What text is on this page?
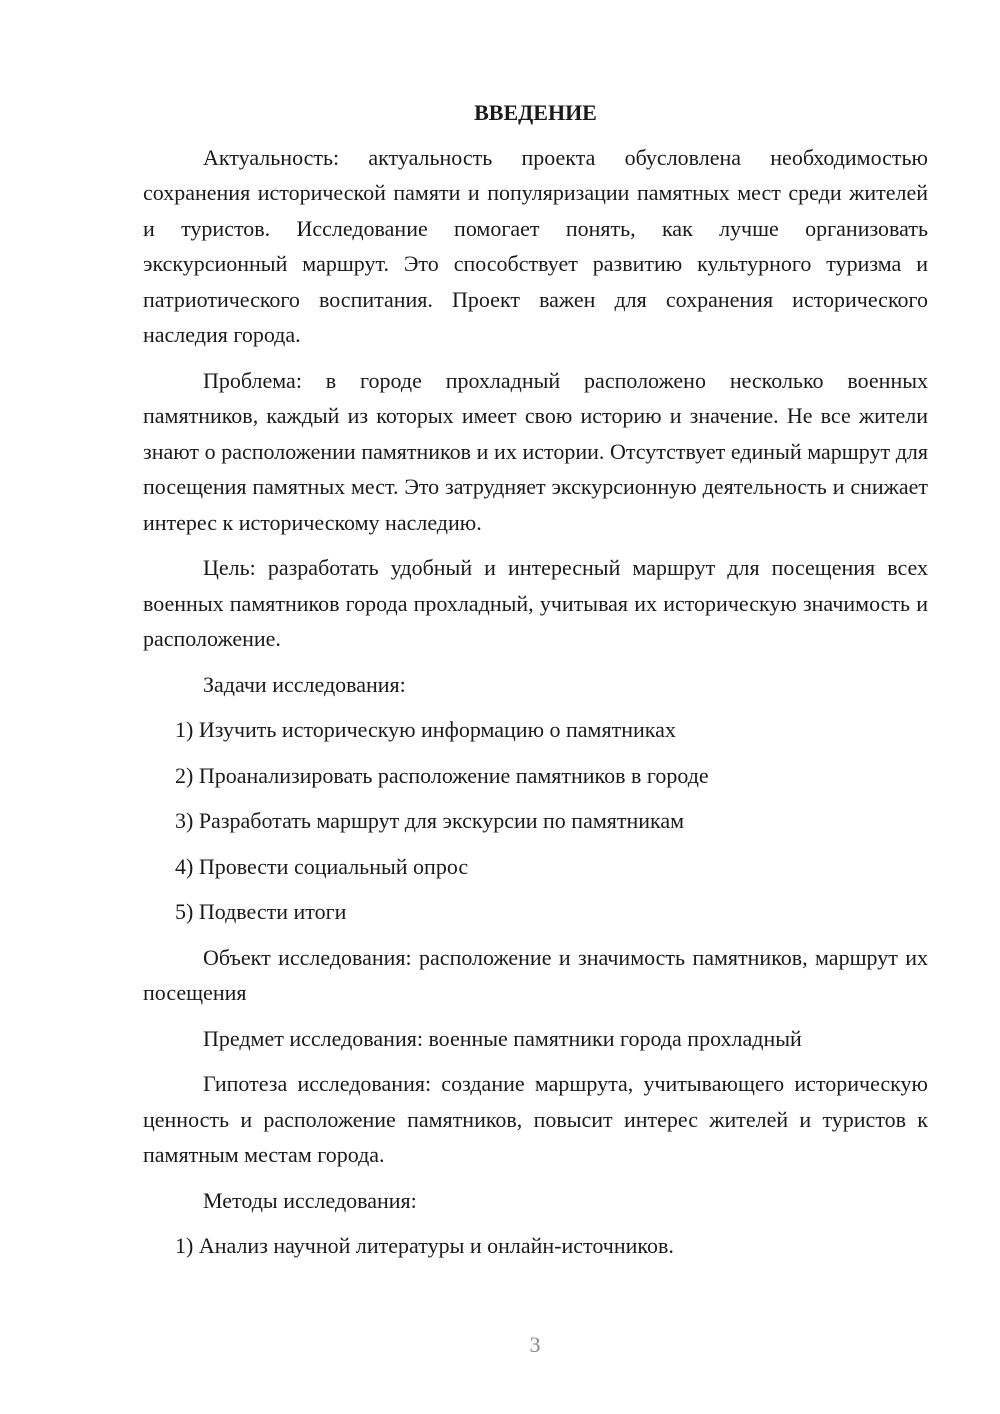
ВВЕДЕНИЕ

Актуальность: актуальность проекта обусловлена необходимостью сохранения исторической памяти и популяризации памятных мест среди жителей и туристов. Исследование помогает понять, как лучше организовать экскурсионный маршрут. Это способствует развитию культурного туризма и патриотического воспитания. Проект важен для сохранения исторического наследия города.

Проблема: в городе прохладный расположено несколько военных памятников, каждый из которых имеет свою историю и значение. Не все жители знают о расположении памятников и их истории. Отсутствует единый маршрут для посещения памятных мест. Это затрудняет экскурсионную деятельность и снижает интерес к историческому наследию.

Цель: разработать удобный и интересный маршрут для посещения всех военных памятников города прохладный, учитывая их историческую значимость и расположение.

Задачи исследования:

1) Изучить историческую информацию о памятниках
2) Проанализировать расположение памятников в городе
3) Разработать маршрут для экскурсии по памятникам
4) Провести социальный опрос
5) Подвести итоги

Объект исследования: расположение и значимость памятников, маршрут их посещения

Предмет исследования: военные памятники города прохладный

Гипотеза исследования: создание маршрута, учитывающего историческую ценность и расположение памятников, повысит интерес жителей и туристов к памятным местам города.

Методы исследования:

1) Анализ научной литературы и онлайн-источников.
3
